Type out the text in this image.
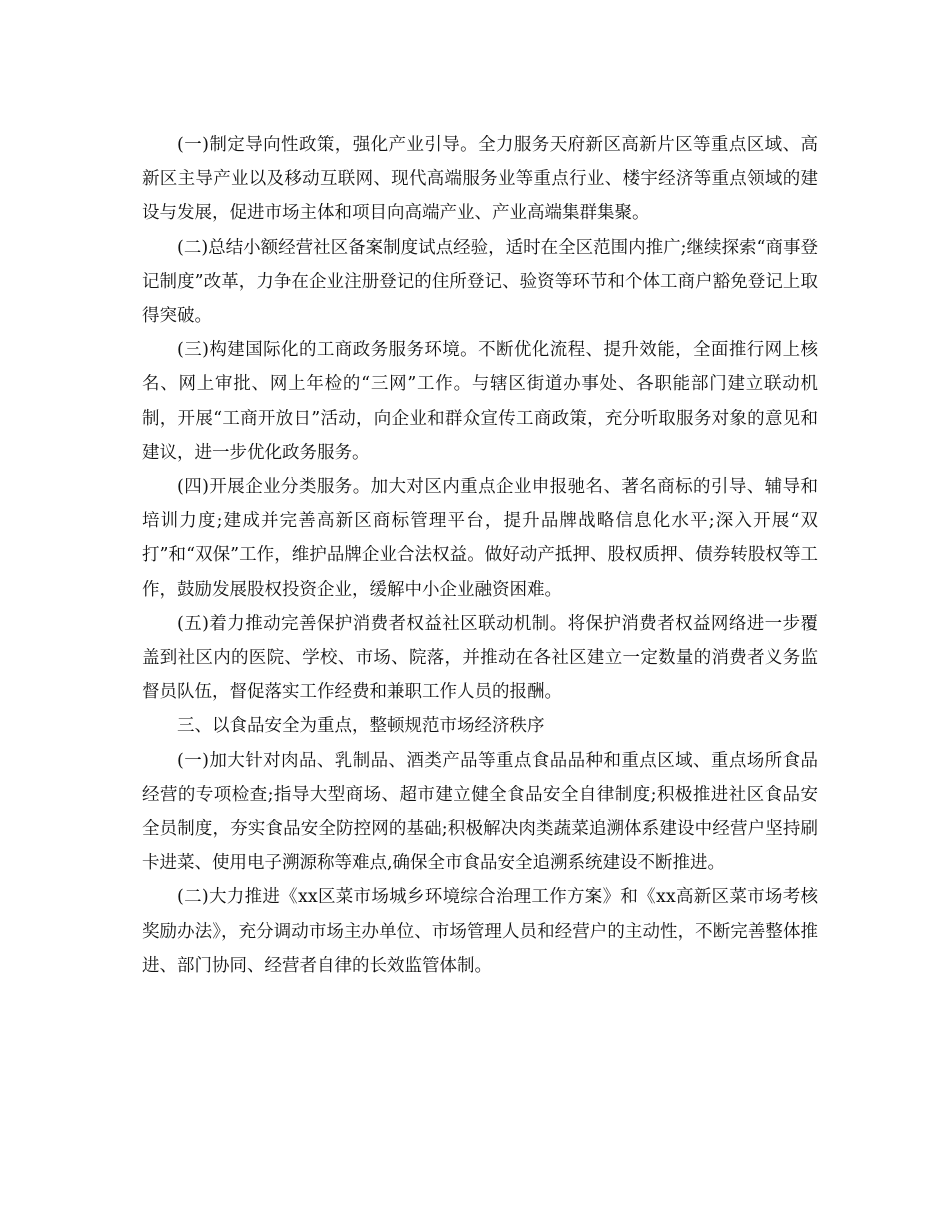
(一)制定导向性政策，强化产业引导。全力服务天府新区高新片区等重点区域、高新区主导产业以及移动互联网、现代高端服务业等重点行业、楼宇经济等重点领域的建设与发展，促进市场主体和项目向高端产业、产业高端集群集聚。

(二)总结小额经营社区备案制度试点经验，适时在全区范围内推广;继续探索“商事登记制度”改革，力争在企业注册登记的住所登记、验资等环节和个体工商户豁免登记上取得突破。

(三)构建国际化的工商政务服务环境。不断优化流程、提升效能，全面推行网上核名、网上审批、网上年检的“三网”工作。与辖区街道办事处、各职能部门建立联动机制，开展“工商开放日”活动，向企业和群众宣传工商政策，充分听取服务对象的意见和建议，进一步优化政务服务。

(四)开展企业分类服务。加大对区内重点企业申报驰名、著名商标的引导、辅导和培训力度;建成并完善高新区商标管理平台，提升品牌战略信息化水平;深入开展“双打”和“双保”工作，维护品牌企业合法权益。做好动产抵押、股权质押、债券转股权等工作，鼓励发展股权投资企业，缓解中小企业融资困难。

(五)着力推动完善保护消费者权益社区联动机制。将保护消费者权益网络进一步覆盖到社区内的医院、学校、市场、院落，并推动在各社区建立一定数量的消费者义务监督员队伍，督促落实工作经费和兼职工作人员的报酬。

三、以食品安全为重点，整顿规范市场经济秩序

(一)加大针对肉品、乳制品、酒类产品等重点食品品种和重点区域、重点场所食品经营的专项检查;指导大型商场、超市建立健全食品安全自律制度;积极推进社区食品安全员制度，夯实食品安全防控网的基础;积极解决肉类蔬菜追溯体系建设中经营户坚持刷卡进菜、使用电子溯源称等难点,确保全市食品安全追溯系统建设不断推进。

(二)大力推进《xx区菜市场城乡环境综合治理工作方案》和《xx高新区菜市场考核奖励办法》，充分调动市场主办单位、市场管理人员和经营户的主动性，不断完善整体推进、部门协同、经营者自律的长效监管体制。
